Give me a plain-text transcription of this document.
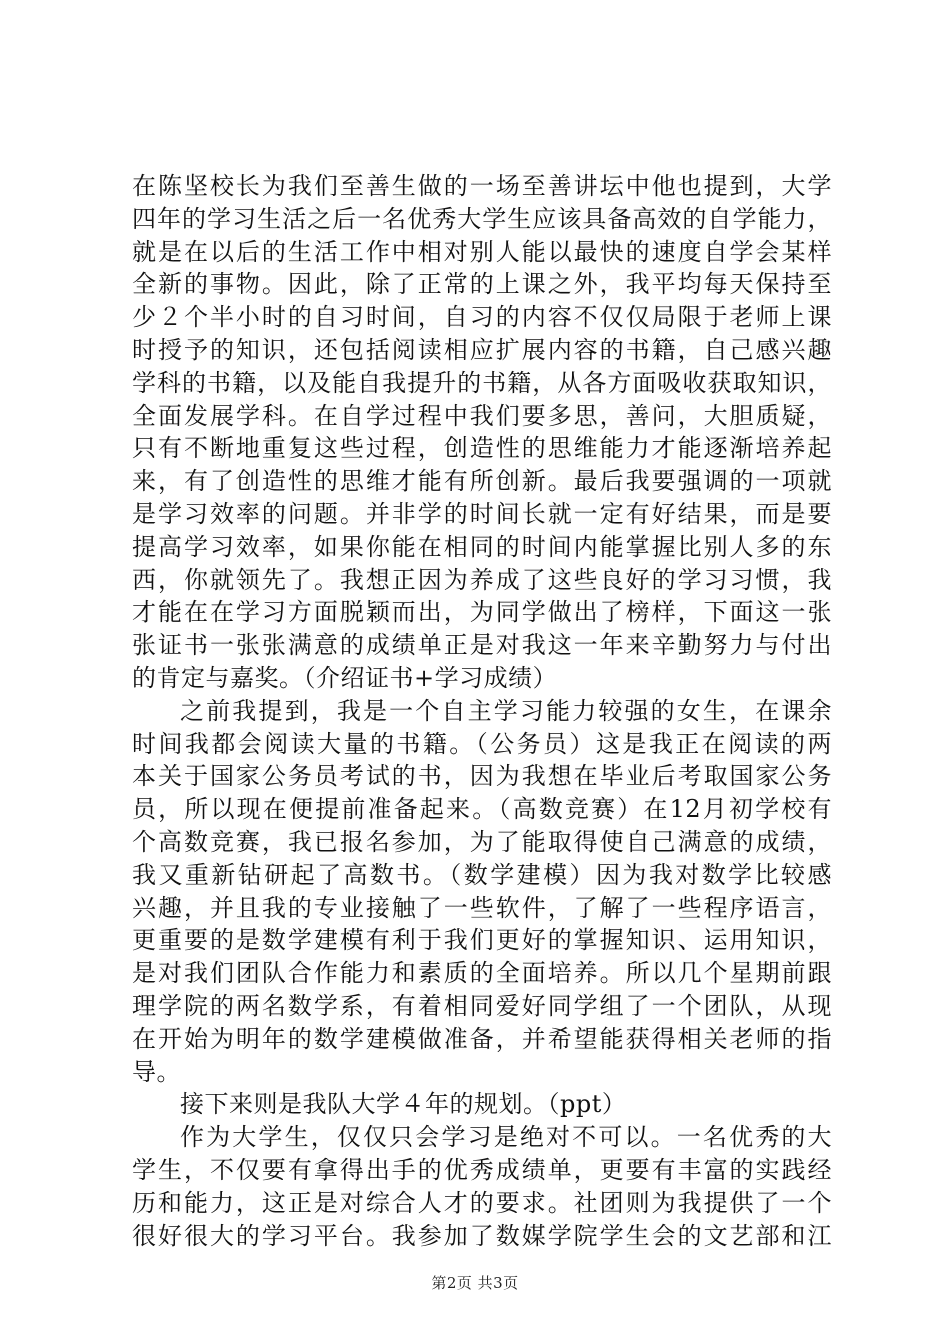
在陈坚校长为我们至善生做的一场至善讲坛中他也提到，大学
四年的学习生活之后一名优秀大学生应该具备高效的自学能力，
就是在以后的生活工作中相对别人能以最快的速度自学会某样
全新的事物。因此，除了正常的上课之外，我平均每天保持至
少２个半小时的自习时间，自习的内容不仅仅局限于老师上课
时授予的知识，还包括阅读相应扩展内容的书籍，自己感兴趣
学科的书籍，以及能自我提升的书籍，从各方面吸收获取知识，
全面发展学科。在自学过程中我们要多思，善问，大胆质疑，
只有不断地重复这些过程，创造性的思维能力才能逐渐培养起
来，有了创造性的思维才能有所创新。最后我要强调的一项就
是学习效率的问题。并非学的时间长就一定有好结果，而是要
提高学习效率，如果你能在相同的时间内能掌握比别人多的东
西，你就领先了。我想正因为养成了这些良好的学习习惯，我
才能在在学习方面脱颖而出，为同学做出了榜样，下面这一张
张证书一张张满意的成绩单正是对我这一年来辛勤努力与付出
的肯定与嘉奖。（介绍证书+学习成绩）
之前我提到，我是一个自主学习能力较强的女生，在课余
时间我都会阅读大量的书籍。（公务员）这是我正在阅读的两
本关于国家公务员考试的书，因为我想在毕业后考取国家公务
员，所以现在便提前准备起来。（高数竞赛）在12月初学校有
个高数竞赛，我已报名参加，为了能取得使自己满意的成绩，
我又重新钻研起了高数书。（数学建模）因为我对数学比较感
兴趣，并且我的专业接触了一些软件，了解了一些程序语言，
更重要的是数学建模有利于我们更好的掌握知识、运用知识，
是对我们团队合作能力和素质的全面培养。所以几个星期前跟
理学院的两名数学系，有着相同爱好同学组了一个团队，从现
在开始为明年的数学建模做准备，并希望能获得相关老师的指
导。
接下来则是我队大学４年的规划。（ppt）
作为大学生，仅仅只会学习是绝对不可以。一名优秀的大
学生，不仅要有拿得出手的优秀成绩单，更要有丰富的实践经
历和能力，这正是对综合人才的要求。社团则为我提供了一个
很好很大的学习平台。我参加了数媒学院学生会的文艺部和江
第2页 共3页
